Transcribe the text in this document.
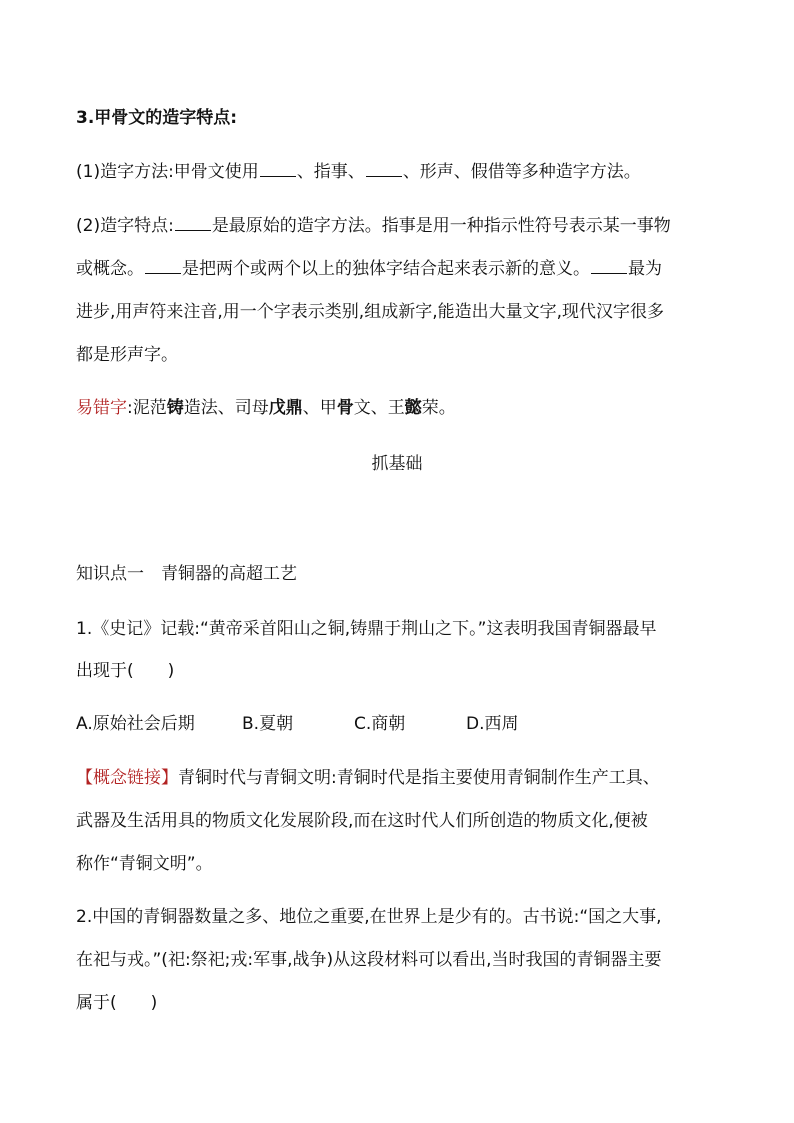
3.甲骨文的造字特点:
(1)造字方法:甲骨文使用 、指事、 、形声、假借等多种造字方法。
(2)造字特点: 是最原始的造字方法。指事是用一种指示性符号表示某一事物
或概念。 是把两个或两个以上的独体字结合起来表示新的意义。 最为
进步,用声符来注音,用一个字表示类别,组成新字,能造出大量文字,现代汉字很多
都是形声字。
易错字:泥范铸造法、司母戊鼎、甲骨文、王懿荣。
抓基础
知识点一　青铜器的高超工艺
1.《史记》记载:“黄帝采首阳山之铜,铸鼎于荆山之下。”这表明我国青铜器最早
出现于(　　)
A.原始社会后期	B.夏朝	C.商朝	D.西周
【概念链接】青铜时代与青铜文明:青铜时代是指主要使用青铜制作生产工具、
武器及生活用具的物质文化发展阶段,而在这时代人们所创造的物质文化,便被
称作“青铜文明”。
2.中国的青铜器数量之多、地位之重要,在世界上是少有的。古书说:“国之大事,
在祀与戎。”(祀:祭祀;戎:军事,战争)从这段材料可以看出,当时我国的青铜器主要
属于(　　)
